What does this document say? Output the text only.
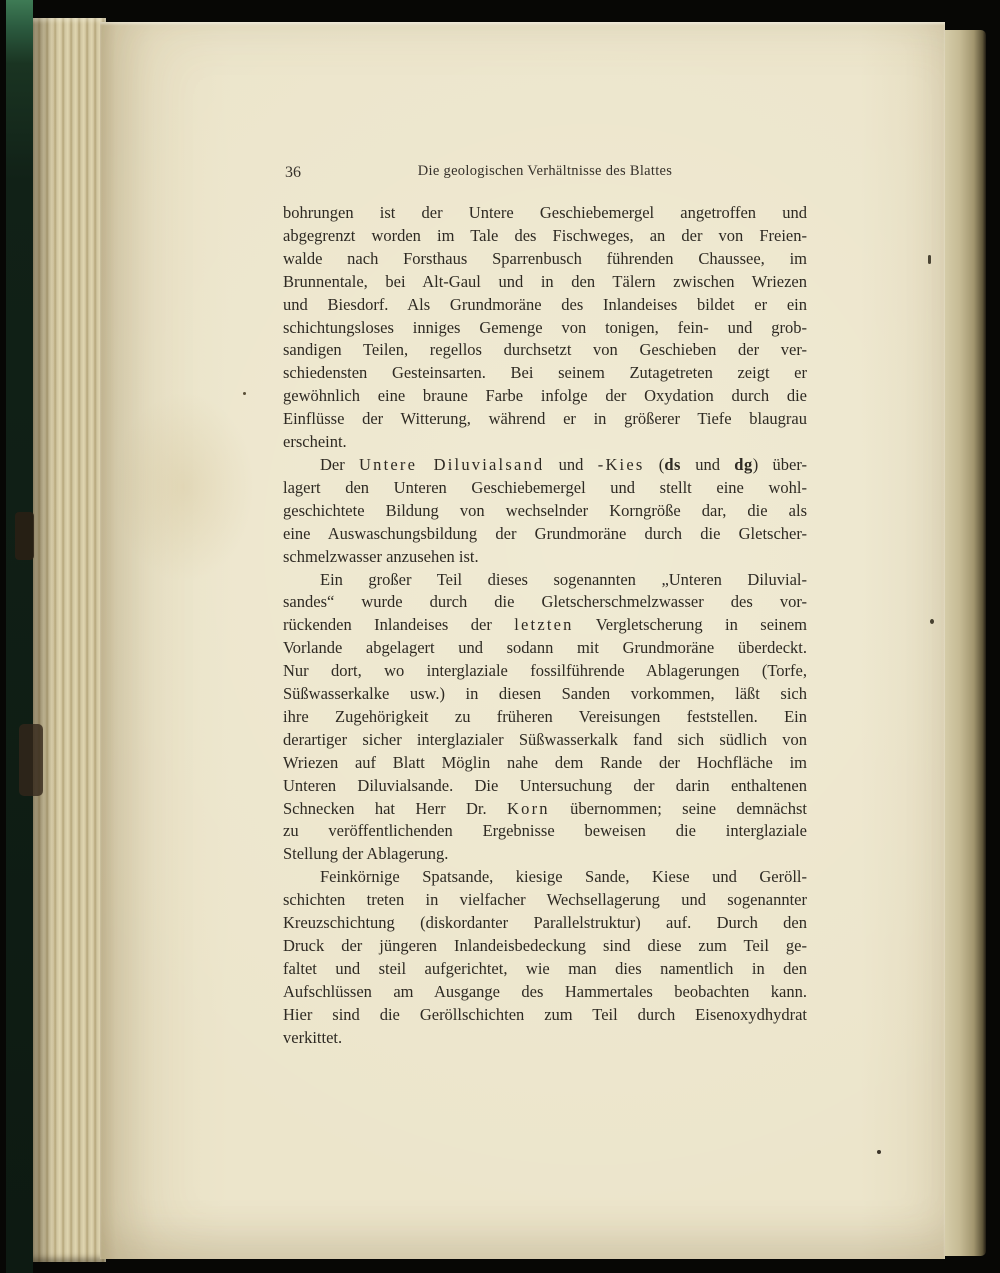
36	Die geologischen Verhältnisse des Blattes
bohrungen ist der Untere Geschiebemergel angetroffen und
abgegrenzt worden im Tale des Fischweges, an der von Freien-
walde nach Forsthaus Sparrenbusch führenden Chaussee, im
Brunnentale, bei Alt-Gaul und in den Tälern zwischen Wriezen
und Biesdorf. Als Grundmoräne des Inlandeises bildet er ein
schichtungsloses inniges Gemenge von tonigen, fein- und grob-
sandigen Teilen, regellos durchsetzt von Geschieben der ver-
schiedensten Gesteinsarten. Bei seinem Zutagetreten zeigt er
gewöhnlich eine braune Farbe infolge der Oxydation durch die
Einflüsse der Witterung, während er in größerer Tiefe blaugrau
erscheint.
Der Untere Diluvialsand und -Kies (ds und dg) über-
lagert den Unteren Geschiebemergel und stellt eine wohl-
geschichtete Bildung von wechselnder Korngröße dar, die als
eine Auswaschungsbildung der Grundmoräne durch die Gletscher-
schmelzwasser anzusehen ist.
Ein großer Teil dieses sogenannten „Unteren Diluvial-
sandes“ wurde durch die Gletscherschmelzwasser des vor-
rückenden Inlandeises der letzten Vergletscherung in seinem
Vorlande abgelagert und sodann mit Grundmoräne überdeckt.
Nur dort, wo interglaziale fossilführende Ablagerungen (Torfe,
Süßwasserkalke usw.) in diesen Sanden vorkommen, läßt sich
ihre Zugehörigkeit zu früheren Vereisungen feststellen. Ein
derartiger sicher interglazialer Süßwasserkalk fand sich südlich von
Wriezen auf Blatt Möglin nahe dem Rande der Hochfläche im
Unteren Diluvialsande. Die Untersuchung der darin enthaltenen
Schnecken hat Herr Dr. Korn übernommen; seine demnächst
zu veröffentlichenden Ergebnisse beweisen die interglaziale
Stellung der Ablagerung.
Feinkörnige Spatsande, kiesige Sande, Kiese und Geröll-
schichten treten in vielfacher Wechsellagerung und sogenannter
Kreuzschichtung (diskordanter Parallelstruktur) auf. Durch den
Druck der jüngeren Inlandeisbedeckung sind diese zum Teil ge-
faltet und steil aufgerichtet, wie man dies namentlich in den
Aufschlüssen am Ausgange des Hammertales beobachten kann.
Hier sind die Geröllschichten zum Teil durch Eisenoxydhydrat
verkittet.
